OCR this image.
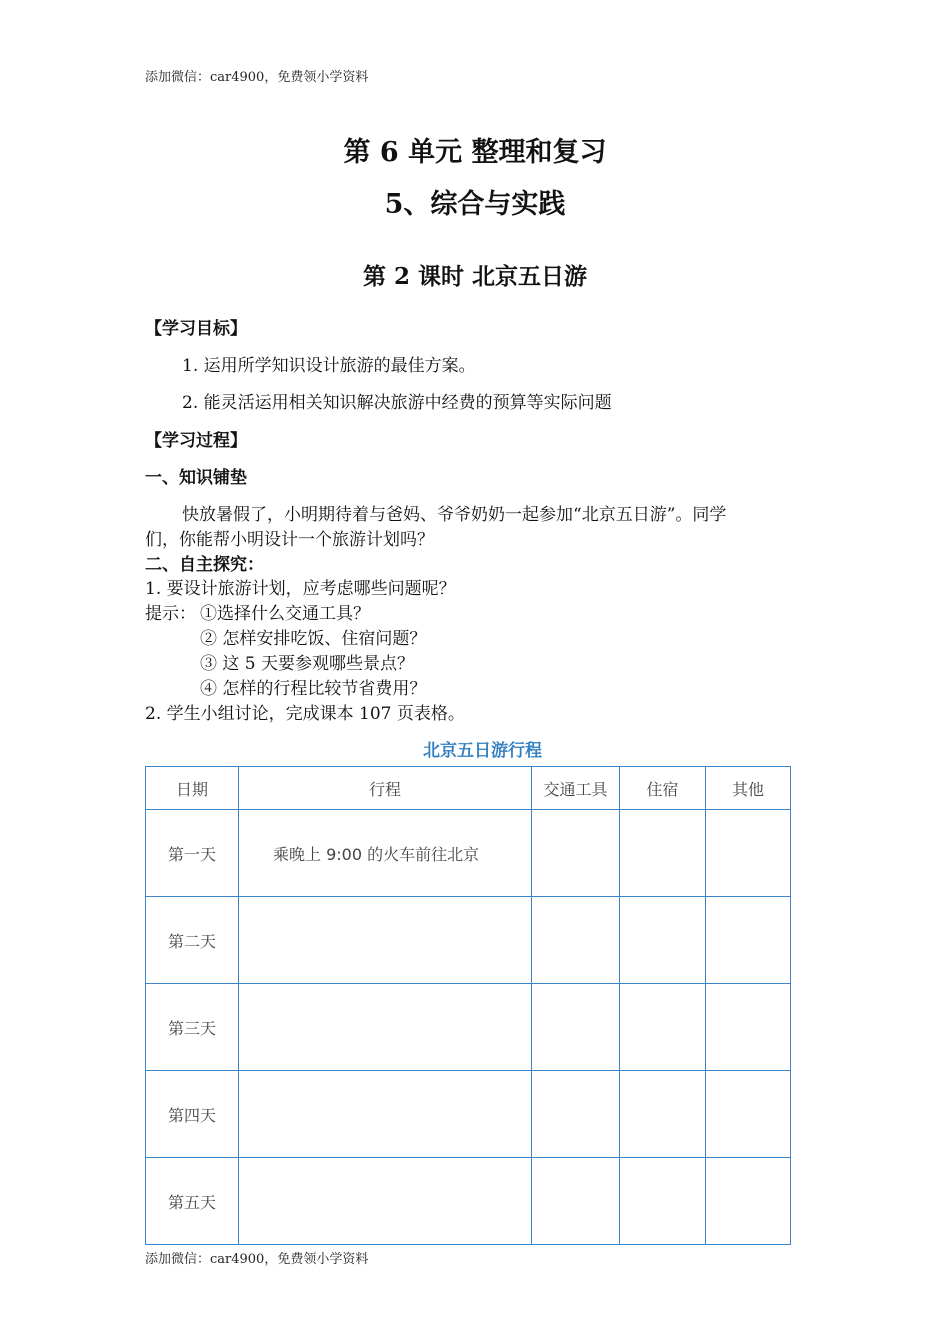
添加微信：car4900，免费领小学资料
第 6 单元 整理和复习
5、综合与实践
第 2 课时 北京五日游
【学习目标】
1. 运用所学知识设计旅游的最佳方案。
2. 能灵活运用相关知识解决旅游中经费的预算等实际问题
【学习过程】
一、知识铺垫
快放暑假了，小明期待着与爸妈、爷爷奶奶一起参加“北京五日游”。同学
们，你能帮小明设计一个旅游计划吗？
二、自主探究：
1. 要设计旅游计划，应考虑哪些问题呢？
提示： ①选择什么交通工具？
② 怎样安排吃饭、住宿问题？
③ 这 5 天要参观哪些景点？
④ 怎样的行程比较节省费用？
2. 学生小组讨论，完成课本 107 页表格。
北京五日游行程
日期	行程	交通工具	住宿	其他
第一天	乘晚上 9:00 的火车前往北京			
第二天				
第三天				
第四天				
第五天				
添加微信：car4900，免费领小学资料
